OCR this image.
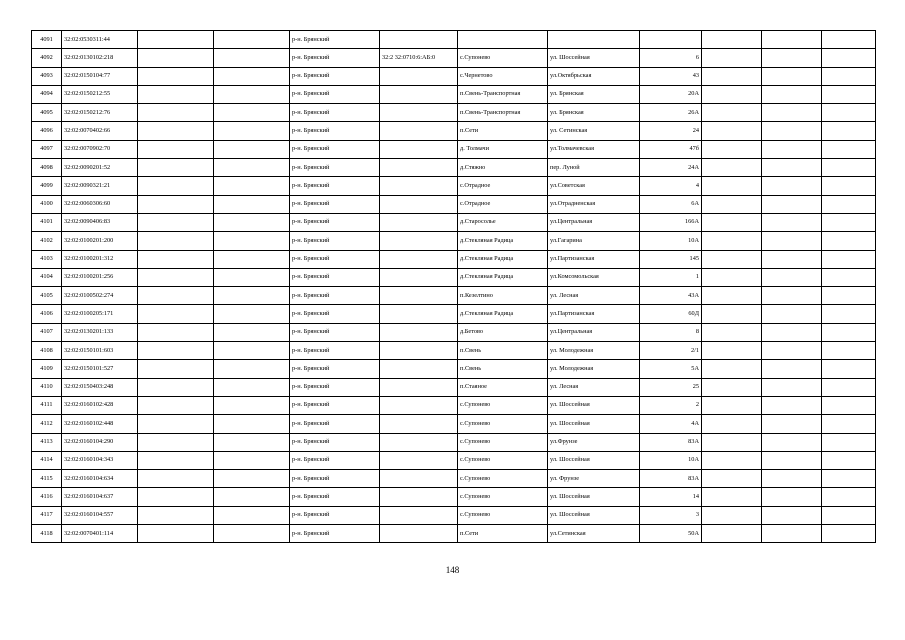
4091	32:02:0530311:44			р-н. Брянский							
4092	32:02:0130102:218			р-н. Брянский	32:2 32:0710:6:АБ:0	с.Супонево	ул. Шоссейная	6			
4093	32:02:0150104:77			р-н. Брянский		с.Чернетово	ул.Октябрьская	43			
4094	32:02:0150212:55			р-н. Брянский		п.Свень-Транспортная	ул. Брянская	20А			
4095	32:02:0150212:76			р-н. Брянский		п.Свень-Транспортная	ул. Брянская	26А			
4096	32:02:0070402:66			р-н. Брянский		п.Сети	ул. Сетинская	24			
4097	32:02:0070902:70			р-н. Брянский		д. Толмачи	ул.Толмачевская	47б			
4098	32:02:0090201:52			р-н. Брянский		д.Стяжно	пер. Луной	24А			
4099	32:02:0090321:21			р-н. Брянский		с.Отрадное	ул.Советская	4			
4100	32:02:0060306:60			р-н. Брянский		с.Отрадное	ул.Отрадненская	6А			
4101	32:02:0090406:83			р-н. Брянский		д.Старосолье	ул.Центральная	166А			
4102	32:02:0100201:200			р-н. Брянский		д.Стекляная Радица	ул.Гагарина	10А			
4103	32:02:0100201:312			р-н. Брянский		д.Стекляная Радица	ул.Партизанская	145			
4104	32:02:0100201:256			р-н. Брянский		д.Стекляная Радица	ул.Комсомольская	1			
4105	32:02:0100502:274			р-н. Брянский		п.Кезелтино	ул. Лесная	43А			
4106	32:02:0100205:171			р-н. Брянский		д.Стекляная Радица	ул.Партизанская	60Д			
4107	32:02:0130201:133			р-н. Брянский		д.Бетово	ул.Центральная	8			
4108	32:02:0150101:603			р-н. Брянский		п.Свень	ул. Молодежная	2/1			
4109	32:02:0150101:527			р-н. Брянский		п.Свень	ул. Молодежная	5А			
4110	32:02:0150403:248			р-н. Брянский		п.Стаяное	ул. Лесная	25			
4111	32:02:0160102:428			р-н. Брянский		с.Супонево	ул. Шоссейная	2			
4112	32:02:0160102:448			р-н. Брянский		с.Супонево	ул. Шоссейная	4А			
4113	32:02:0160104:290			р-н. Брянский		с.Супонево	ул.Фрунзе	83А			
4114	32:02:0160104:343			р-н. Брянский		с.Супонево	ул. Шоссейная	10А			
4115	32:02:0160104:634			р-н. Брянский		с.Супонево	ул. Фрунзе	83А			
4116	32:02:0160104:637			р-н. Брянский		с.Супонево	ул. Шоссейная	14			
4117	32:02:0160104:557			р-н. Брянский		с.Супонево	ул. Шоссейная	3			
4118	32:02:0070401:114			р-н. Брянский		п.Сети	ул.Сетинская	50А			
148
